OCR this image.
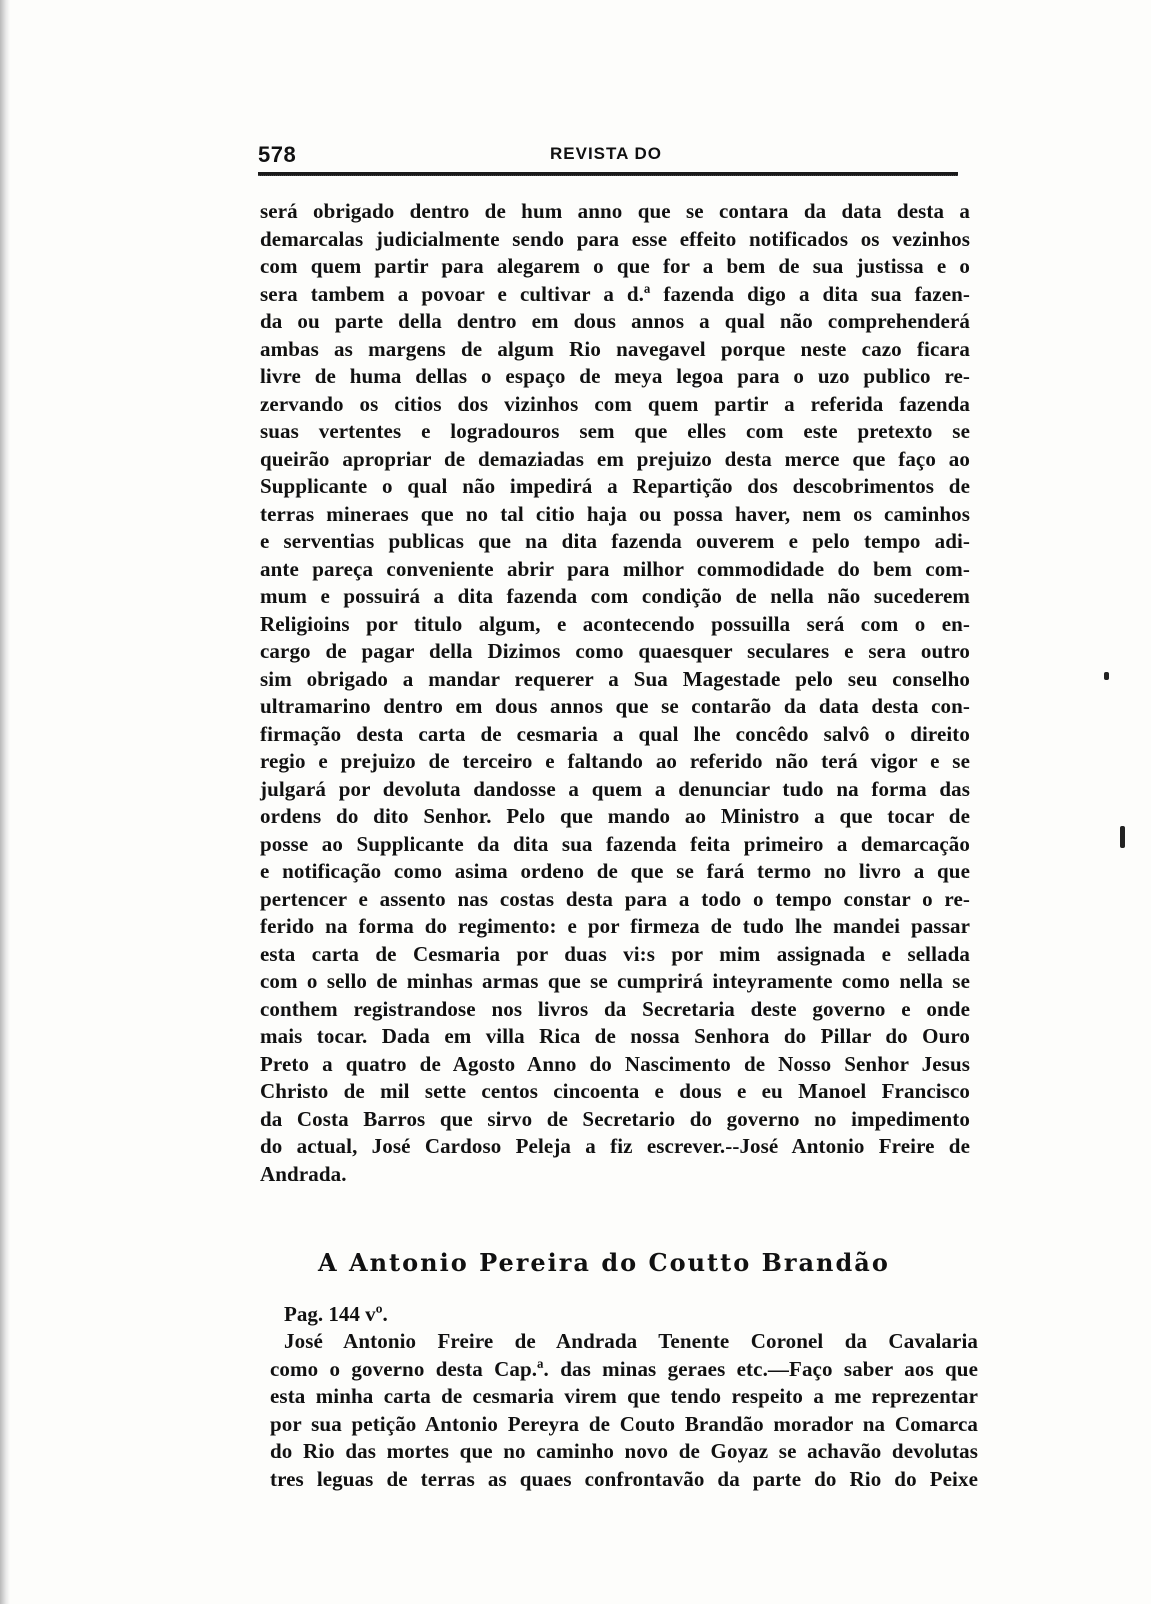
578	REVISTA DO
será obrigado dentro de hum anno que se contara da data desta a
demarcalas judicialmente sendo para esse effeito notificados os vezinhos
com quem partir para alegarem o que for a bem de sua justissa e o
sera tambem a povoar e cultivar a d.ª fazenda digo a dita sua fazen-
da ou parte della dentro em dous annos a qual não comprehenderá
ambas as margens de algum Rio navegavel porque neste cazo ficara
livre de huma dellas o espaço de meya legoa para o uzo publico re-
zervando os citios dos vizinhos com quem partir a referida fazenda
suas vertentes e logradouros sem que elles com este pretexto se
queirão apropriar de demaziadas em prejuizo desta merce que faço ao
Supplicante o qual não impedirá a Repartição dos descobrimentos de
terras mineraes que no tal citio haja ou possa haver, nem os caminhos
e serventias publicas que na dita fazenda ouverem e pelo tempo adi-
ante pareça conveniente abrir para milhor commodidade do bem com-
mum e possuirá a dita fazenda com condição de nella não sucederem
Religioins por titulo algum, e acontecendo possuilla será com o en-
cargo de pagar della Dizimos como quaesquer seculares e sera outro
sim obrigado a mandar requerer a Sua Magestade pelo seu conselho
ultramarino dentro em dous annos que se contarão da data desta con-
firmação desta carta de cesmaria a qual lhe concêdo salvô o direito
regio e prejuizo de terceiro e faltando ao referido não terá vigor e se
julgará por devoluta dandosse a quem a denunciar tudo na forma das
ordens do dito Senhor. Pelo que mando ao Ministro a que tocar de
posse ao Supplicante da dita sua fazenda feita primeiro a demarcação
e notificação como asima ordeno de que se fará termo no livro a que
pertencer e assento nas costas desta para a todo o tempo constar o re-
ferido na forma do regimento: e por firmeza de tudo lhe mandei passar
esta carta de Cesmaria por duas vi:s por mim assignada e sellada
com o sello de minhas armas que se cumprirá inteyramente como nella se
conthem registrandose nos livros da Secretaria deste governo e onde
mais tocar. Dada em villa Rica de nossa Senhora do Pillar do Ouro
Preto a quatro de Agosto Anno do Nascimento de Nosso Senhor Jesus
Christo de mil sette centos cincoenta e dous e eu Manoel Francisco
da Costa Barros que sirvo de Secretario do governo no impedimento
do actual, José Cardoso Peleja a fiz escrever.--José Antonio Freire de
Andrada.
A Antonio Pereira do Coutto Brandão
Pag. 144 vº.
José Antonio Freire de Andrada Tenente Coronel da Cavalaria
como o governo desta Cap.ª. das minas geraes etc.—Faço saber aos que
esta minha carta de cesmaria virem que tendo respeito a me reprezentar
por sua petição Antonio Pereyra de Couto Brandão morador na Comarca
do Rio das mortes que no caminho novo de Goyaz se achavão devolutas
tres leguas de terras as quaes confrontavão da parte do Rio do Peixe
